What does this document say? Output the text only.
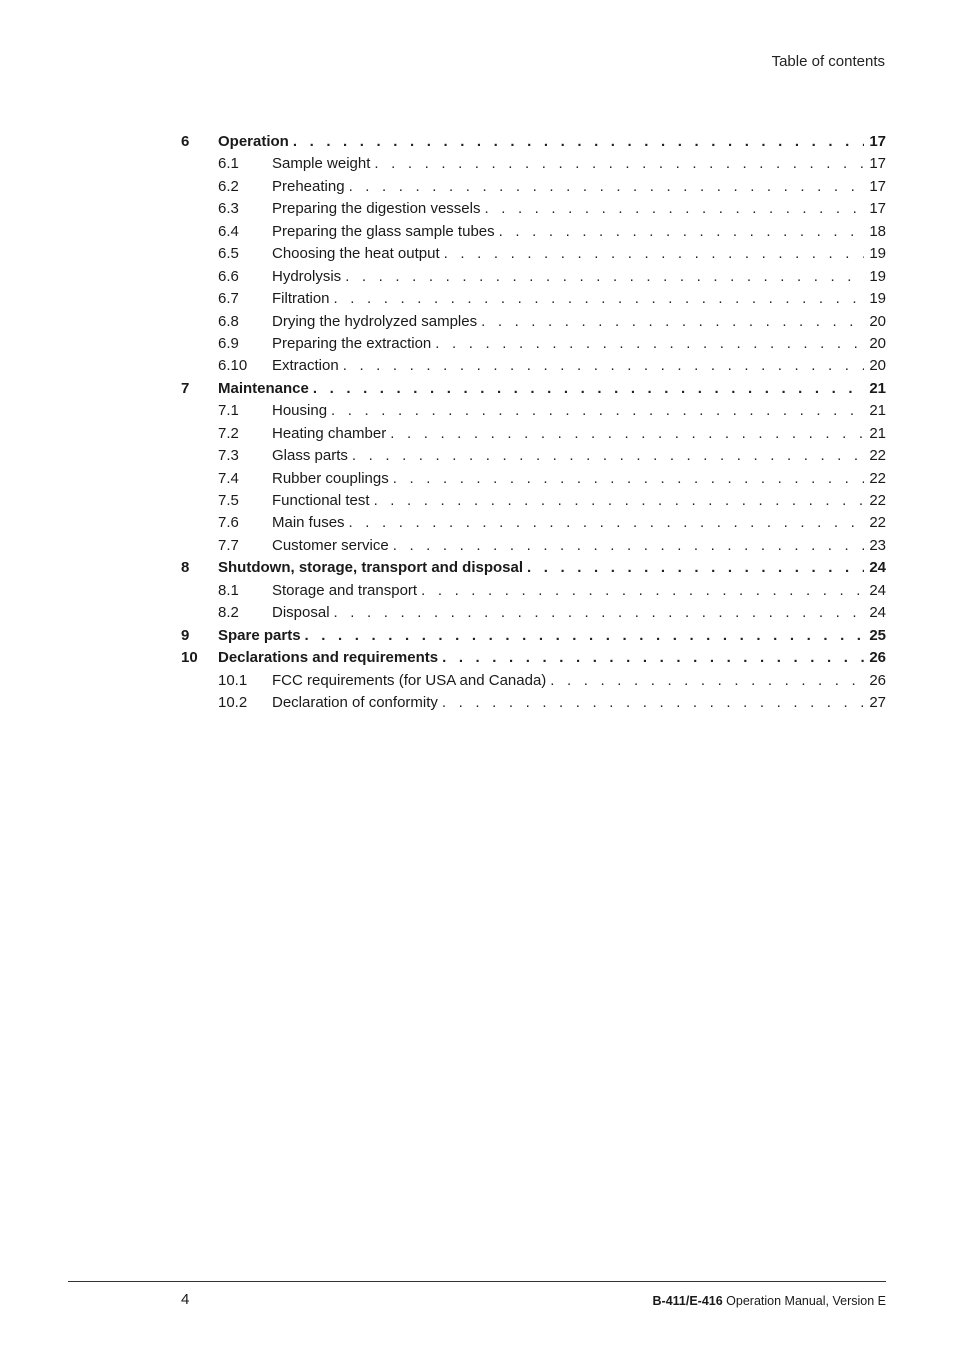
Table of contents
6	Operation . . .	17
6.1	Sample weight . . .	17
6.2	Preheating . . .	17
6.3	Preparing the digestion vessels . . .	17
6.4	Preparing the glass sample tubes . . .	18
6.5	Choosing the heat output . . .	19
6.6	Hydrolysis . . .	19
6.7	Filtration . . .	19
6.8	Drying the hydrolyzed samples . . .	20
6.9	Preparing the extraction . . .	20
6.10	Extraction . . .	20
7	Maintenance . . .	21
7.1	Housing . . .	21
7.2	Heating chamber . . .	21
7.3	Glass parts . . .	22
7.4	Rubber couplings . . .	22
7.5	Functional test . . .	22
7.6	Main fuses . . .	22
7.7	Customer service . . .	23
8	Shutdown, storage, transport and disposal . . .	24
8.1	Storage and transport . . .	24
8.2	Disposal . . .	24
9	Spare parts . . .	25
10	Declarations and requirements . . .	26
10.1	FCC requirements (for USA and Canada) . . .	26
10.2	Declaration of conformity . . .	27
4	B-411/E-416 Operation Manual, Version E
